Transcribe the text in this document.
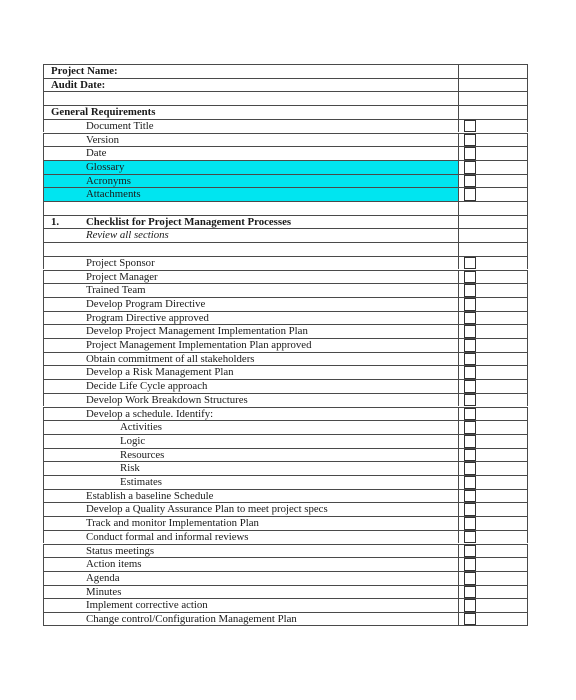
Project Name:
Audit Date:
General Requirements
Document Title
Version
Date
Glossary
Acronyms
Attachments
1. Checklist for Project Management Processes
Review all sections
Project Sponsor
Project Manager
Trained Team
Develop Program Directive
Program Directive approved
Develop Project Management Implementation Plan
Project Management Implementation Plan approved
Obtain commitment of all stakeholders
Develop a Risk Management Plan
Decide Life Cycle approach
Develop Work Breakdown Structures
Develop a schedule. Identify:
Activities
Logic
Resources
Risk
Estimates
Establish a baseline Schedule
Develop a Quality Assurance Plan to meet project specs
Track and monitor Implementation Plan
Conduct formal and informal reviews
Status meetings
Action items
Agenda
Minutes
Implement corrective action
Change control/Configuration Management Plan
